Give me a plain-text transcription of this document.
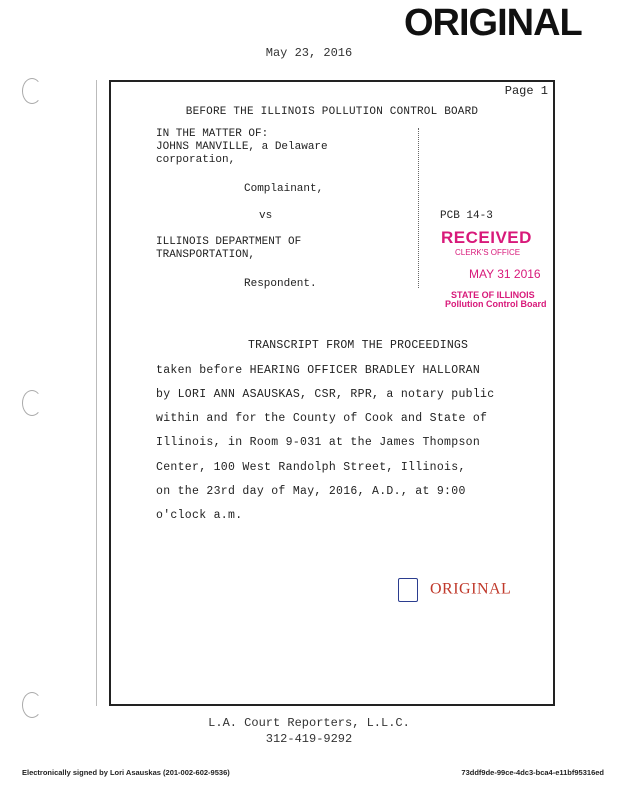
ORIGINAL
May 23, 2016
Page 1
BEFORE THE ILLINOIS POLLUTION CONTROL BOARD
IN THE MATTER OF:
JOHNS MANVILLE, a Delaware
corporation,
Complainant,
vs
ILLINOIS DEPARTMENT OF
TRANSPORTATION,
Respondent.
PCB 14-3
RECEIVED
CLERK'S OFFICE
MAY 31 2016
STATE OF ILLINOIS
Pollution Control Board
TRANSCRIPT FROM THE PROCEEDINGS
taken before HEARING OFFICER BRADLEY HALLORAN
by LORI ANN ASAUSKAS, CSR, RPR, a notary public
within and for the County of Cook and State of
Illinois, in Room 9-031 at the James Thompson
Center, 100 West Randolph Street, Illinois,
on the 23rd day of May, 2016, A.D., at 9:00
o'clock a.m.
ORIGINAL
L.A. Court Reporters, L.L.C.
312-419-9292
Electronically signed by Lori Asauskas (201-002-602-9536)	73ddf9de-99ce-4dc3-bca4-e11bf95316ed
